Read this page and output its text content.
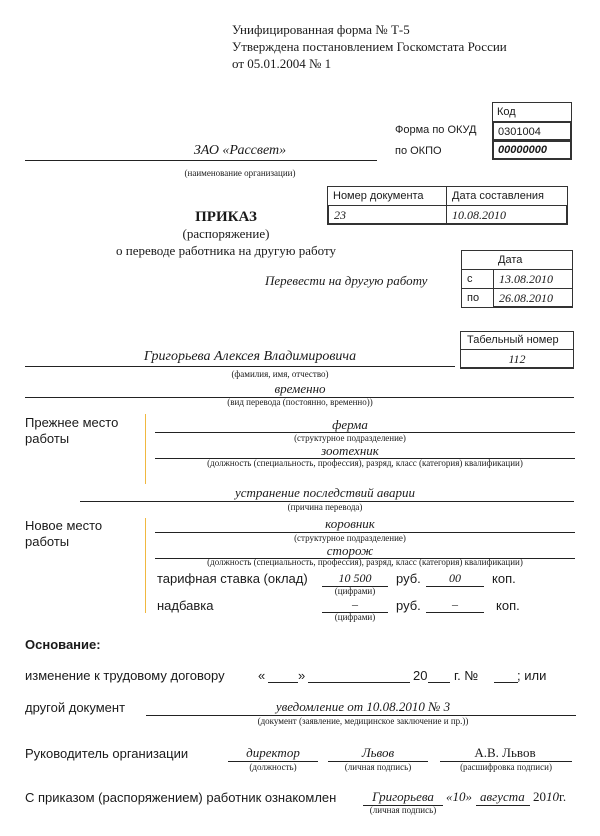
Унифицированная форма № Т-5
Утверждена постановлением Госкомстата России
от 05.01.2004 № 1
Код
Форма по ОКУД	0301004
по ОКПО	00000000
ЗАО «Рассвет»
(наименование организации)
Номер документа	Дата составления
23	10.08.2010
ПРИКАЗ
(распоряжение)
о переводе работника на другую работу
Перевести на другую работу
Дата
с	13.08.2010
по	26.08.2010
Табельный номер
112
Григорьева Алексея Владимировича
(фамилия, имя, отчество)
временно
(вид перевода (постоянно, временно))
Прежнее место
работы
ферма
(структурное подразделение)
зоотехник
(должность (специальность, профессия), разряд, класс (категория) квалификации)
устранение последствий аварии
(причина перевода)
Новое место
работы
коровник
(структурное подразделение)
сторож
(должность (специальность, профессия), разряд, класс (категория) квалификации)
тарифная ставка (оклад)	10 500	руб.	00	коп.
(цифрами)
надбавка	–	руб.	–	коп.
(цифрами)
Основание:
изменение к трудовому договору	«	»	20 г. №	; или
другой документ	уведомление от 10.08.2010 № 3
(документ (заявление, медицинское заключение и пр.))
Руководитель организации	директор
(должность)
Львов
(личная подпись)
А.В. Львов
(расшифровка подписи)
С приказом (распоряжением) работник ознакомлен	Григорьева
(личная подпись)
«10» августа 2010г.
